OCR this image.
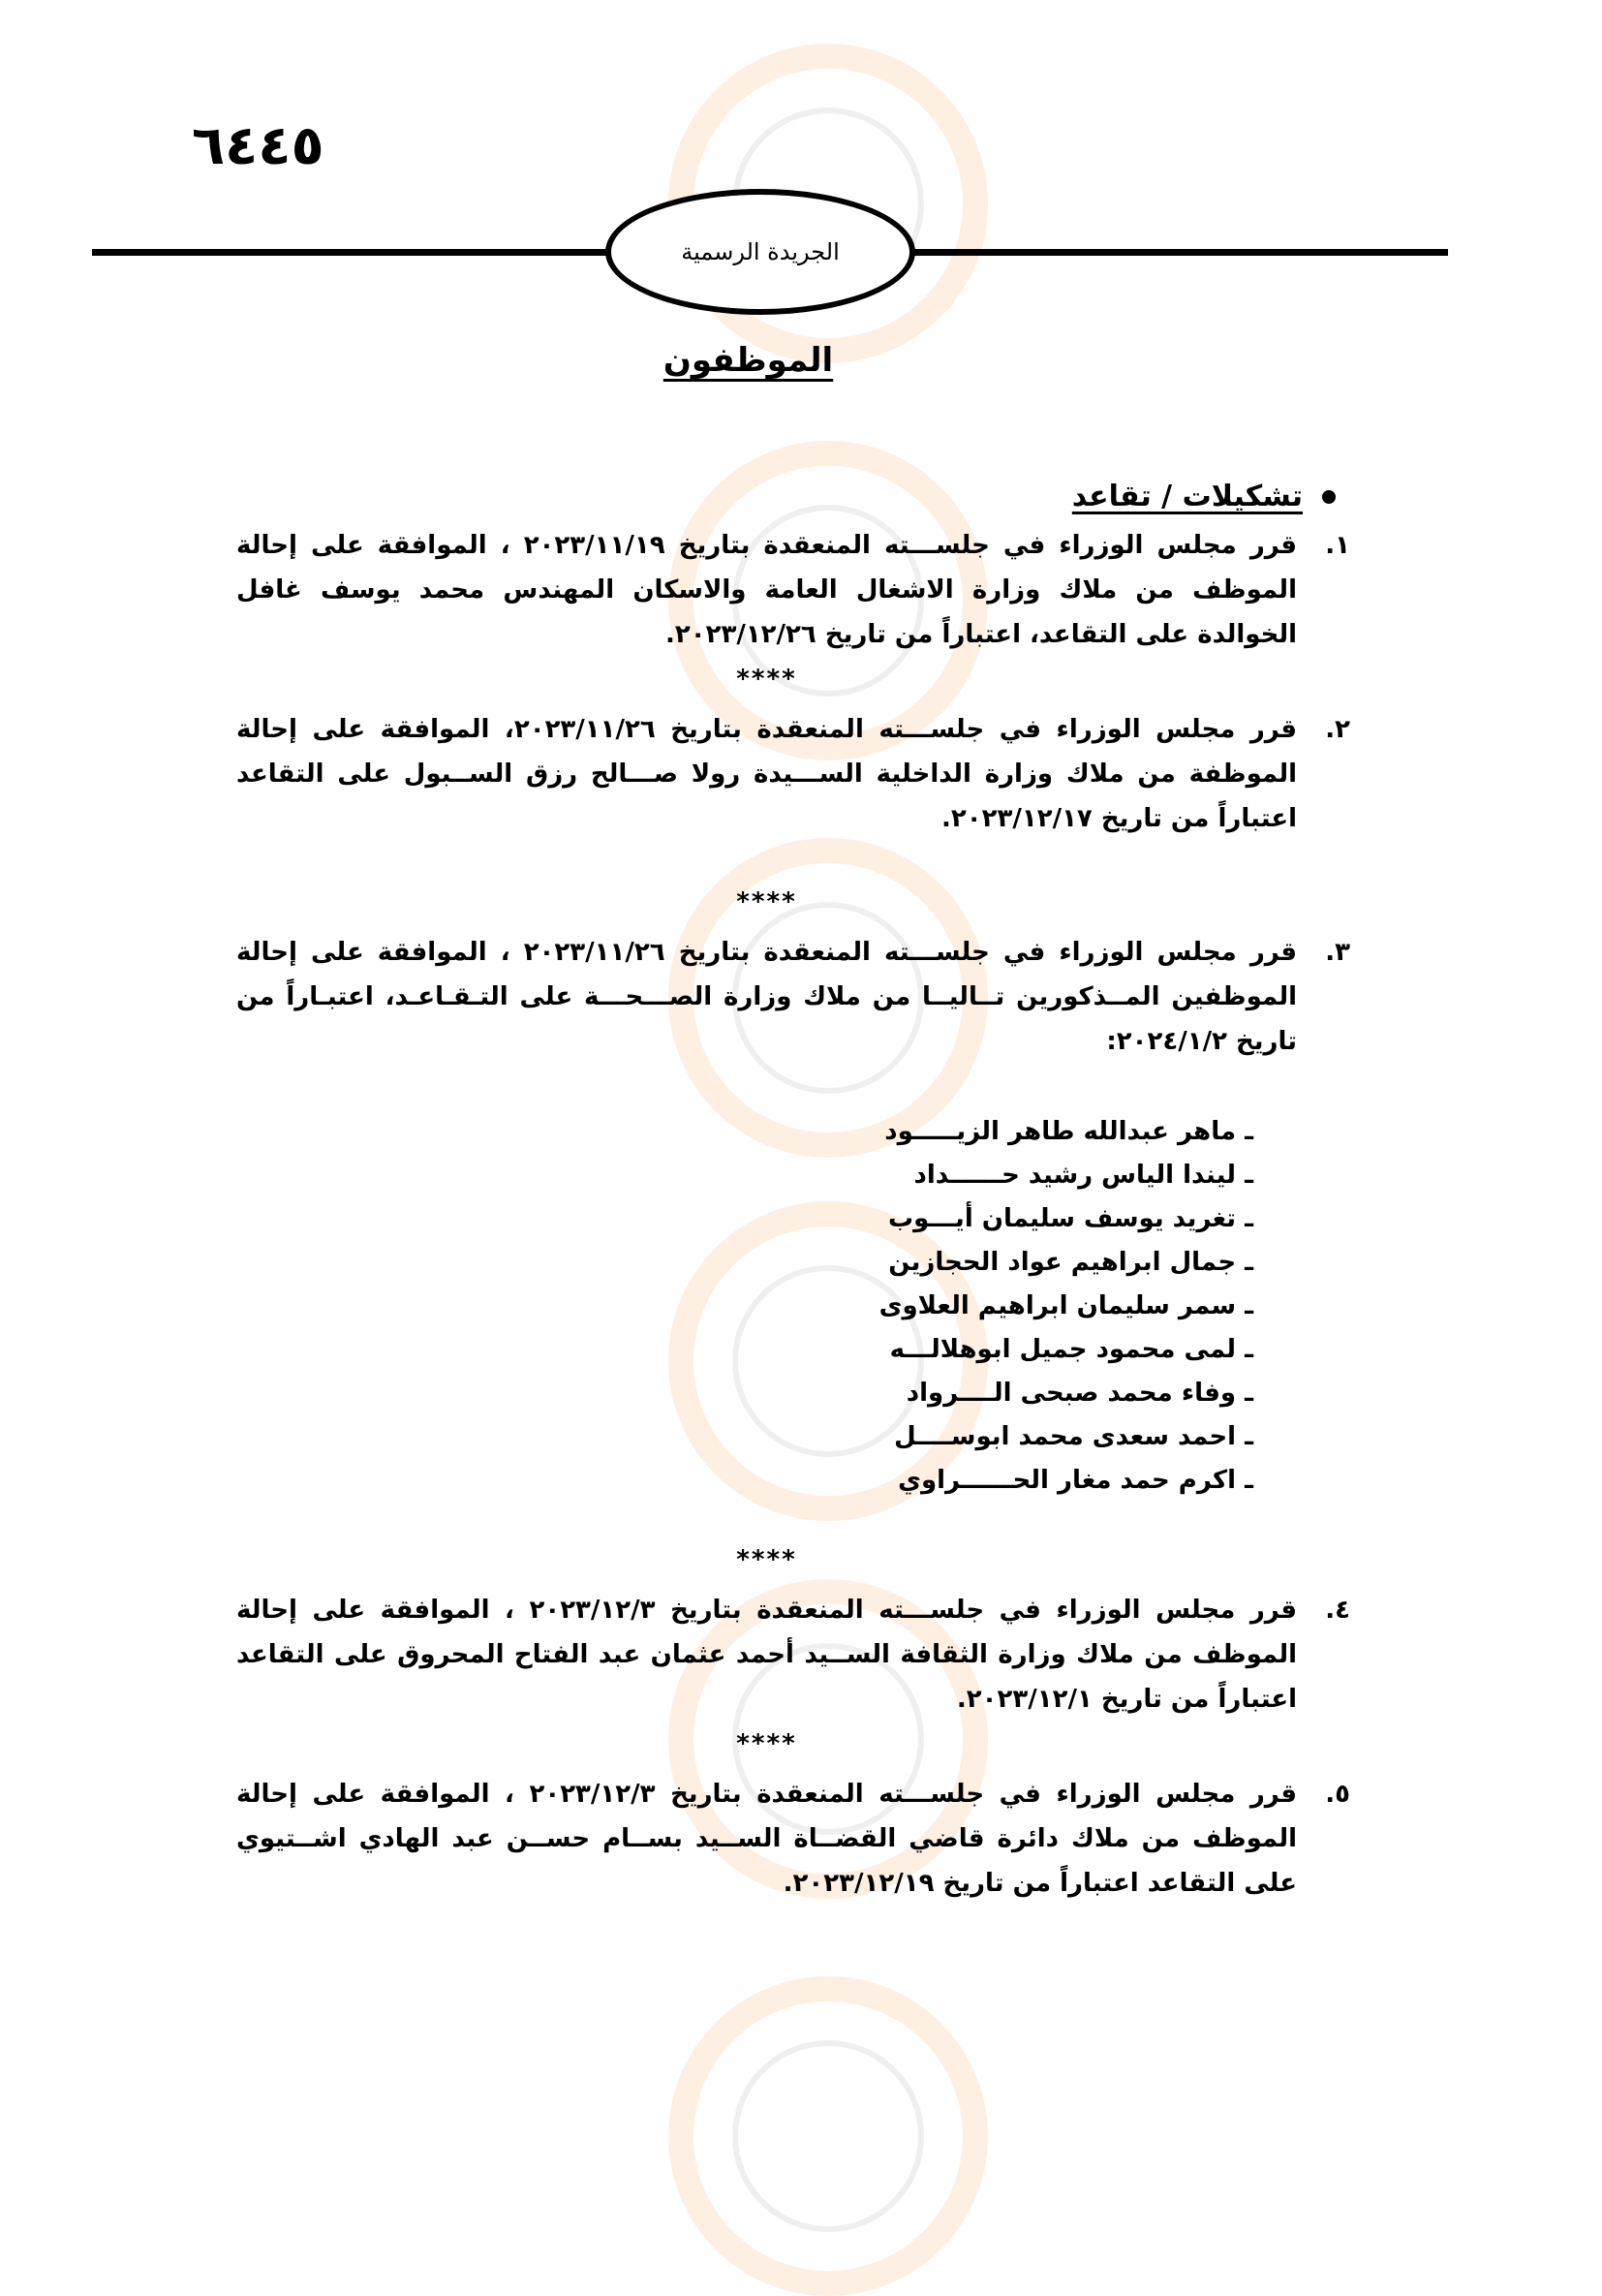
٦٤٤٥
الجريدة الرسمية
الموظفون
تشكيلات / تقاعد
١.
قرر مجلس الوزراء في جلســـته المنعقدة بتاريخ ٢٠٢٣/١١/١٩ ، الموافقة على إحالة الموظف من ملاك وزارة الاشغال العامة والاسكان المهندس محمد يوسف غافل الخوالدة على التقاعد، اعتباراً من تاريخ ٢٠٢٣/١٢/٢٦.
****
٢.
قرر مجلس الوزراء في جلســـته المنعقدة بتاريخ ٢٠٢٣/١١/٢٦، الموافقة على إحالة الموظفة من ملاك وزارة الداخلية الســـيدة رولا صـــالح رزق الســبول على التقاعد اعتباراً من تاريخ ٢٠٢٣/١٢/١٧.
****
٣.
قرر مجلس الوزراء في جلســـته المنعقدة بتاريخ ٢٠٢٣/١١/٢٦ ، الموافقة على إحالة الموظفين المــذكورين تــاليــا من ملاك وزارة الصـــحـــة على التـقـاعـد، اعتبـاراً من تاريخ ٢٠٢٤/١/٢:
ـ ماهر عبدالله طاهر الزيـــــود
ـ ليندا الياس رشيد حــــــداد
ـ تغريد يوسف سليمان أيـــوب
ـ جمال ابراهيم عواد الحجازين
ـ سمر سليمان ابراهيم العلاوى
ـ لمى محمود جميل ابوهلالـــه
ـ وفاء محمد صبحى الــــرواد
ـ احمد سعدى محمد ابوســــل
ـ اكرم حمد مغار الحــــــراوي
****
٤.
قرر مجلس الوزراء في جلســـته المنعقدة بتاريخ ٢٠٢٣/١٢/٣ ، الموافقة على إحالة الموظف من ملاك وزارة الثقافة الســيد أحمد عثمان عبد الفتاح المحروق على التقاعد اعتباراً من تاريخ ٢٠٢٣/١٢/١.
****
٥.
قرر مجلس الوزراء في جلســـته المنعقدة بتاريخ ٢٠٢٣/١٢/٣ ، الموافقة على إحالة الموظف من ملاك دائرة قاضي القضــاة الســيد بســام حســن عبد الهادي اشــتيوي على التقاعد اعتباراً من تاريخ ٢٠٢٣/١٢/١٩.
